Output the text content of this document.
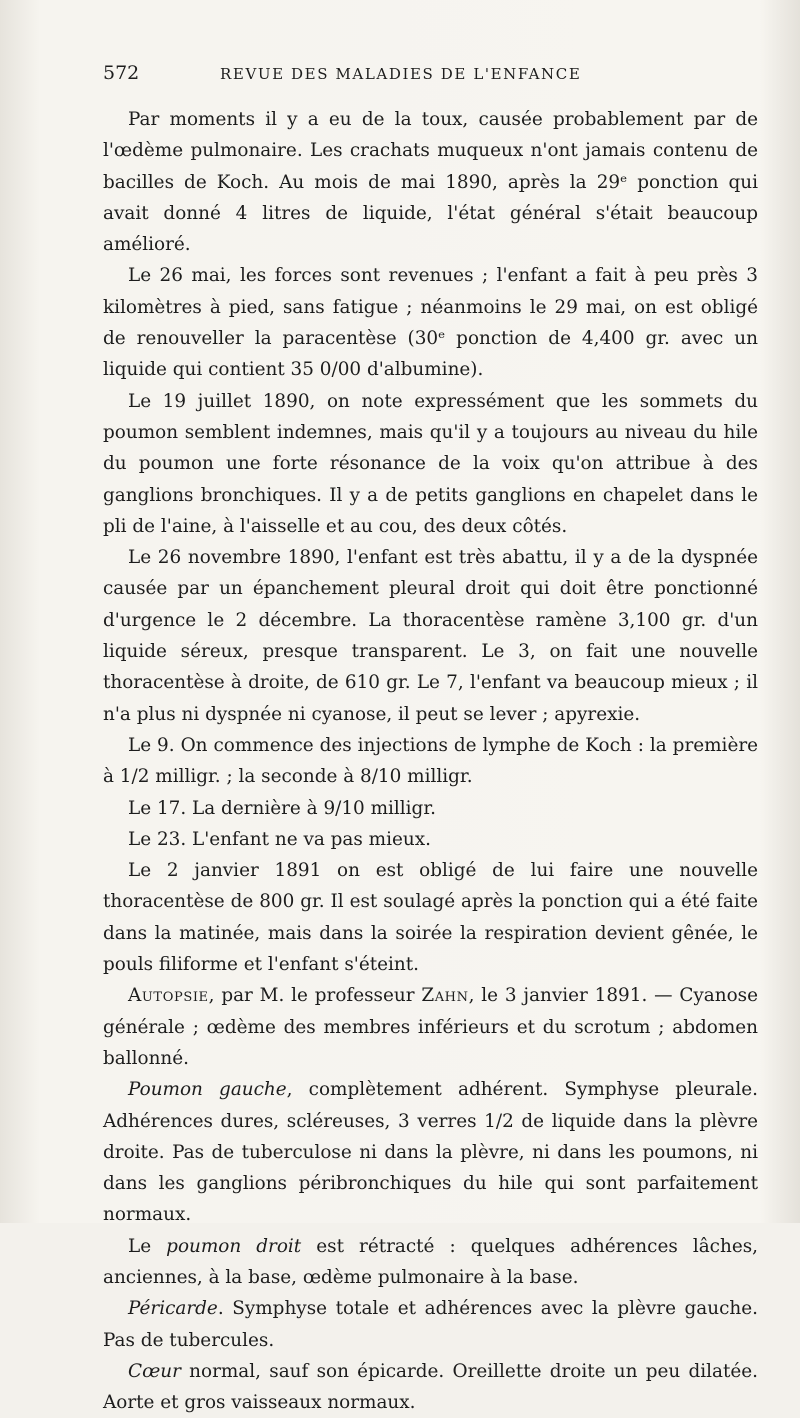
572	REVUE DES MALADIES DE L'ENFANCE

Par moments il y a eu de la toux, causée probablement par de l'œdème pulmonaire. Les crachats muqueux n'ont jamais contenu de bacilles de Koch. Au mois de mai 1890, après la 29ᵉ ponction qui avait donné 4 litres de liquide, l'état général s'était beaucoup amélioré.

Le 26 mai, les forces sont revenues ; l'enfant a fait à peu près 3 kilomètres à pied, sans fatigue ; néanmoins le 29 mai, on est obligé de renouveller la paracentèse (30ᵉ ponction de 4,400 gr. avec un liquide qui contient 35 0/00 d'albumine).

Le 19 juillet 1890, on note expressément que les sommets du poumon semblent indemnes, mais qu'il y a toujours au niveau du hile du poumon une forte résonance de la voix qu'on attribue à des ganglions bronchiques. Il y a de petits ganglions en chapelet dans le pli de l'aine, à l'aisselle et au cou, des deux côtés.

Le 26 novembre 1890, l'enfant est très abattu, il y a de la dyspnée causée par un épanchement pleural droit qui doit être ponctionné d'urgence le 2 décembre. La thoracentèse ramène 3,100 gr. d'un liquide séreux, presque transparent. Le 3, on fait une nouvelle thoracentèse à droite, de 610 gr. Le 7, l'enfant va beaucoup mieux ; il n'a plus ni dyspnée ni cyanose, il peut se lever ; apyrexie.

Le 9. On commence des injections de lymphe de Koch : la première à 1/2 milligr. ; la seconde à 8/10 milligr.

Le 17. La dernière à 9/10 milligr.

Le 23. L'enfant ne va pas mieux.

Le 2 janvier 1891 on est obligé de lui faire une nouvelle thoracentèse de 800 gr. Il est soulagé après la ponction qui a été faite dans la matinée, mais dans la soirée la respiration devient gênée, le pouls filiforme et l'enfant s'éteint.

Autopsie, par M. le professeur Zahn, le 3 janvier 1891. — Cyanose générale ; œdème des membres inférieurs et du scrotum ; abdomen ballonné.

Poumon gauche, complètement adhérent. Symphyse pleurale. Adhérences dures, scléreuses, 3 verres 1/2 de liquide dans la plèvre droite. Pas de tuberculose ni dans la plèvre, ni dans les poumons, ni dans les ganglions péribronchiques du hile qui sont parfaitement normaux.

Le poumon droit est rétracté : quelques adhérences lâches, anciennes, à la base, œdème pulmonaire à la base.

Péricarde. Symphyse totale et adhérences avec la plèvre gauche. Pas de tubercules.

Cœur normal, sauf son épicarde. Oreillette droite un peu dilatée. Aorte et gros vaisseaux normaux.
